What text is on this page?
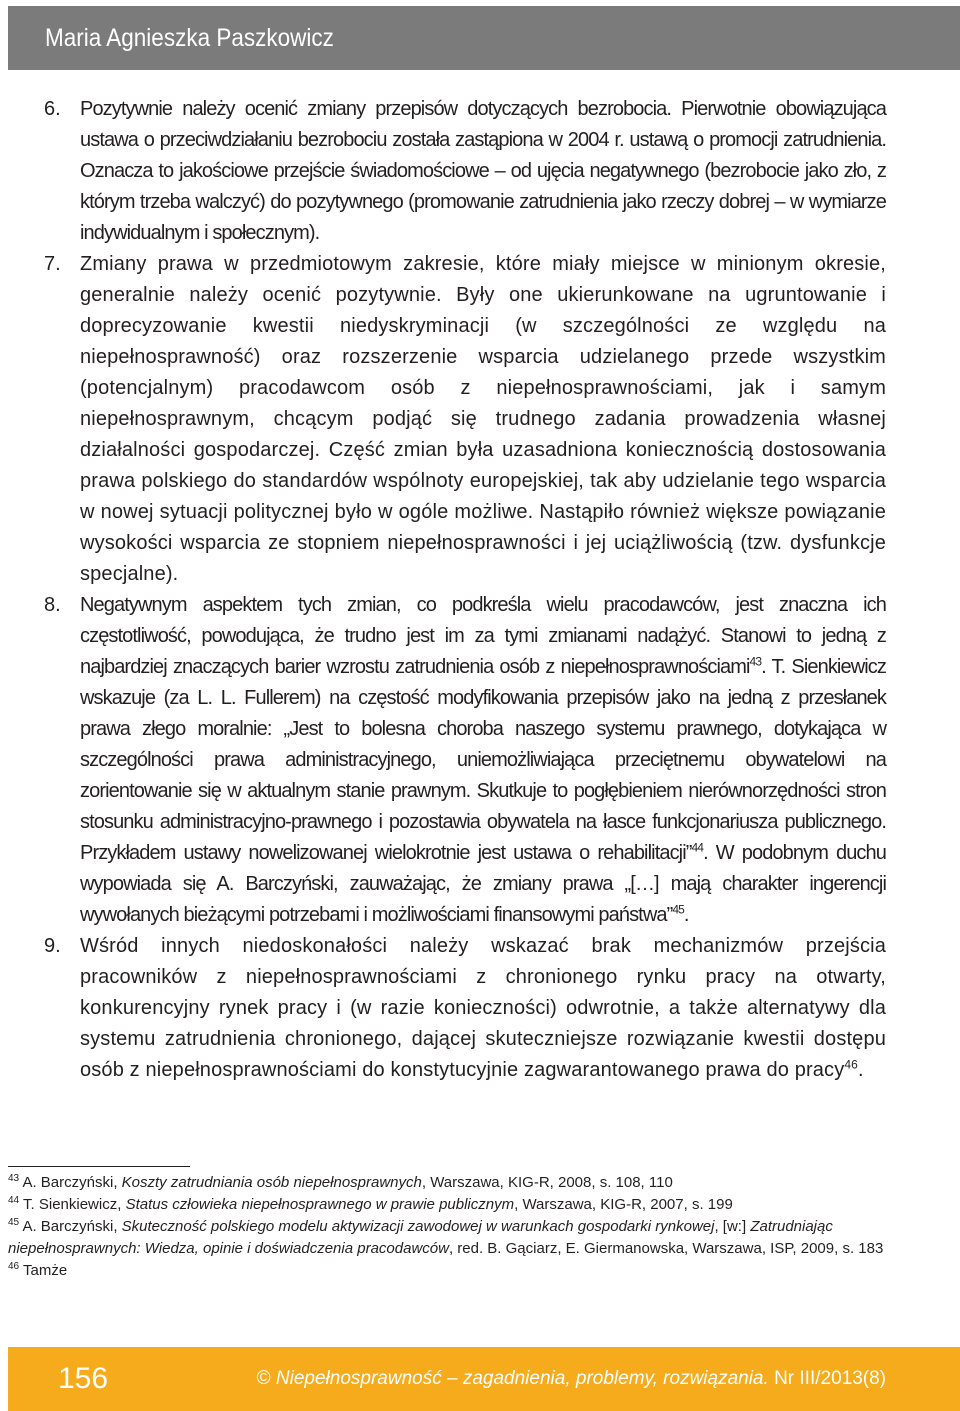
Maria Agnieszka Paszkowicz
6. Pozytywnie należy ocenić zmiany przepisów dotyczących bezrobocia. Pierwotnie obowiązująca ustawa o przeciwdziałaniu bezrobociu została zastąpiona w 2004 r. ustawą o promocji zatrudnienia. Oznacza to jakościowe przejście świadomościowe – od ujęcia negatywnego (bezrobocie jako zło, z którym trzeba walczyć) do pozytywnego (promowanie zatrudnienia jako rzeczy dobrej – w wymiarze indywidualnym i społecznym).

7. Zmiany prawa w przedmiotowym zakresie, które miały miejsce w minionym okresie, generalnie należy ocenić pozytywnie. Były one ukierunkowane na ugruntowanie i doprecyzowanie kwestii niedyskryminacji (w szczególności ze względu na niepełnosprawność) oraz rozszerzenie wsparcia udzielanego przede wszystkim (potencjalnym) pracodawcom osób z niepełnosprawnościami, jak i samym niepełnosprawnym, chcącym podjąć się trudnego zadania prowadzenia własnej działalności gospodarczej. Część zmian była uzasadniona koniecznością dostosowania prawa polskiego do standardów wspólnoty europejskiej, tak aby udzielanie tego wsparcia w nowej sytuacji politycznej było w ogóle możliwe. Nastąpiło również większe powiązanie wysokości wsparcia ze stopniem niepełnosprawności i jej uciążliwością (tzw. dysfunkcje specjalne).

8. Negatywnym aspektem tych zmian, co podkreśla wielu pracodawców, jest znaczna ich częstotliwość, powodująca, że trudno jest im za tymi zmianami nadążyć. Stanowi to jedną z najbardziej znaczących barier wzrostu zatrudnienia osób z niepełnosprawnościami$^{43}$. T. Sienkiewicz wskazuje (za L. L. Fullerem) na częstość modyfikowania przepisów jako na jedną z przesłanek prawa złego moralnie: „Jest to bolesna choroba naszego systemu prawnego, dotykająca w szczególności prawa administracyjnego, uniemożliwiająca przeciętnemu obywatelowi na zorientowanie się w aktualnym stanie prawnym. Skutkuje to pogłębieniem nierównorzędności stron stosunku administracyjno-prawnego i pozostawia obywatela na łasce funkcjonariusza publicznego. Przykładem ustawy nowelizowanej wielokrotnie jest ustawa o rehabilitacji”$^{44}$. W podobnym duchu wypowiada się A. Barczyński, zauważając, że zmiany prawa „[…] mają charakter ingerencji wywołanych bieżącymi potrzebami i możliwościami finansowymi państwa”$^{45}$.

9. Wśród innych niedoskonałości należy wskazać brak mechanizmów przejścia pracowników z niepełnosprawnościami z chronionego rynku pracy na otwarty, konkurencyjny rynek pracy i (w razie konieczności) odwrotnie, a także alternatywy dla systemu zatrudnienia chronionego, dającej skuteczniejsze rozwiązanie kwestii dostępu osób z niepełnosprawnościami do konstytucyjnie zagwarantowanego prawa do pracy$^{46}$.

$^{43}$ A. Barczyński, Koszty zatrudniania osób niepełnosprawnych, Warszawa, KIG-R, 2008, s. 108, 110

$^{44}$ T. Sienkiewicz, Status człowieka niepełnosprawnego w prawie publicznym, Warszawa, KIG-R, 2007, s. 199

$^{45}$ A. Barczyński, Skuteczność polskiego modelu aktywizacji zawodowej w warunkach gospodarki rynkowej, [w:] Zatrudniając niepełnosprawnych: Wiedza, opinie i doświadczenia pracodawców, red. B. Gąciarz, E. Giermanowska, Warszawa, ISP, 2009, s. 183

$^{46}$ Tamże

156	© Niepełnosprawność – zagadnienia, problemy, rozwiązania. Nr III/2013(8)
